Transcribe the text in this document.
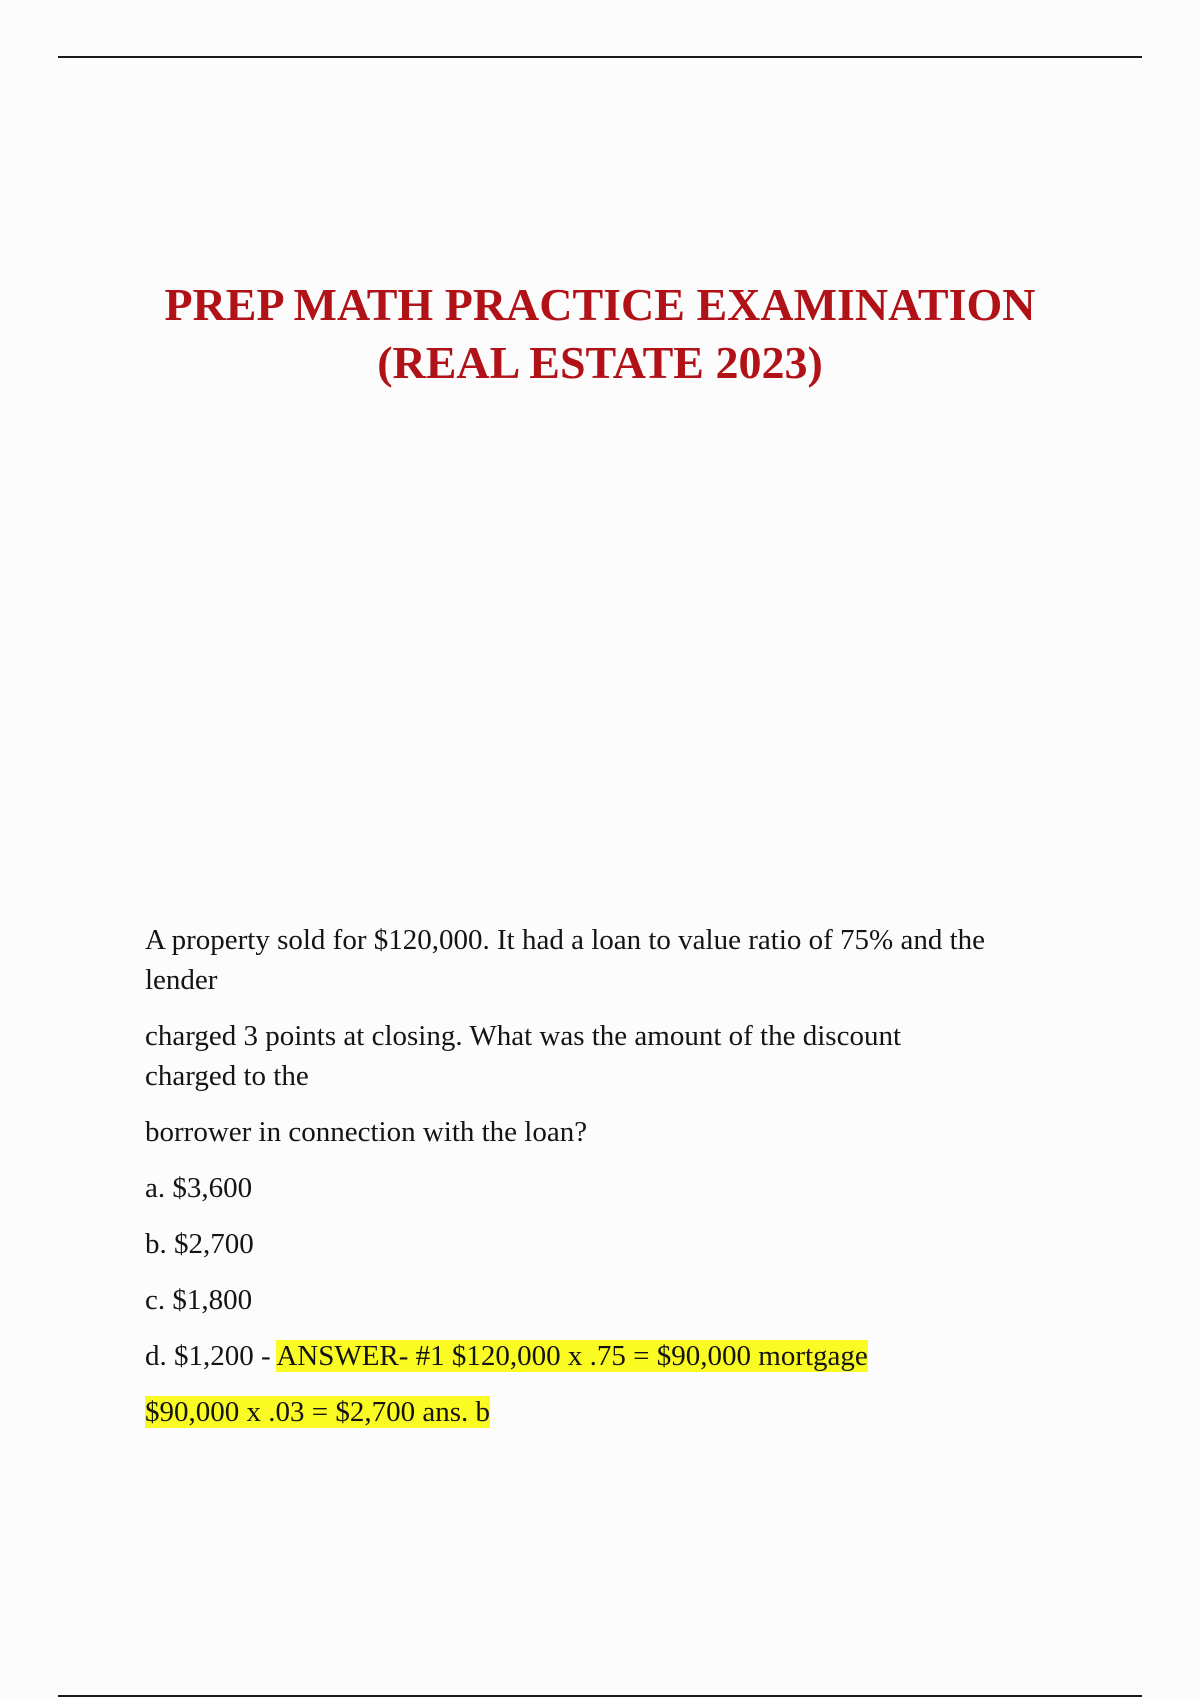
PREP MATH PRACTICE EXAMINATION
(REAL ESTATE 2023)
A property sold for $120,000. It had a loan to value ratio of 75% and the
lender
charged 3 points at closing. What was the amount of the discount
charged to the
borrower in connection with the loan?
a. $3,600
b. $2,700
c. $1,800
d. $1,200 - ANSWER- #1 $120,000 x .75 = $90,000 mortgage
$90,000 x .03 = $2,700 ans. b
